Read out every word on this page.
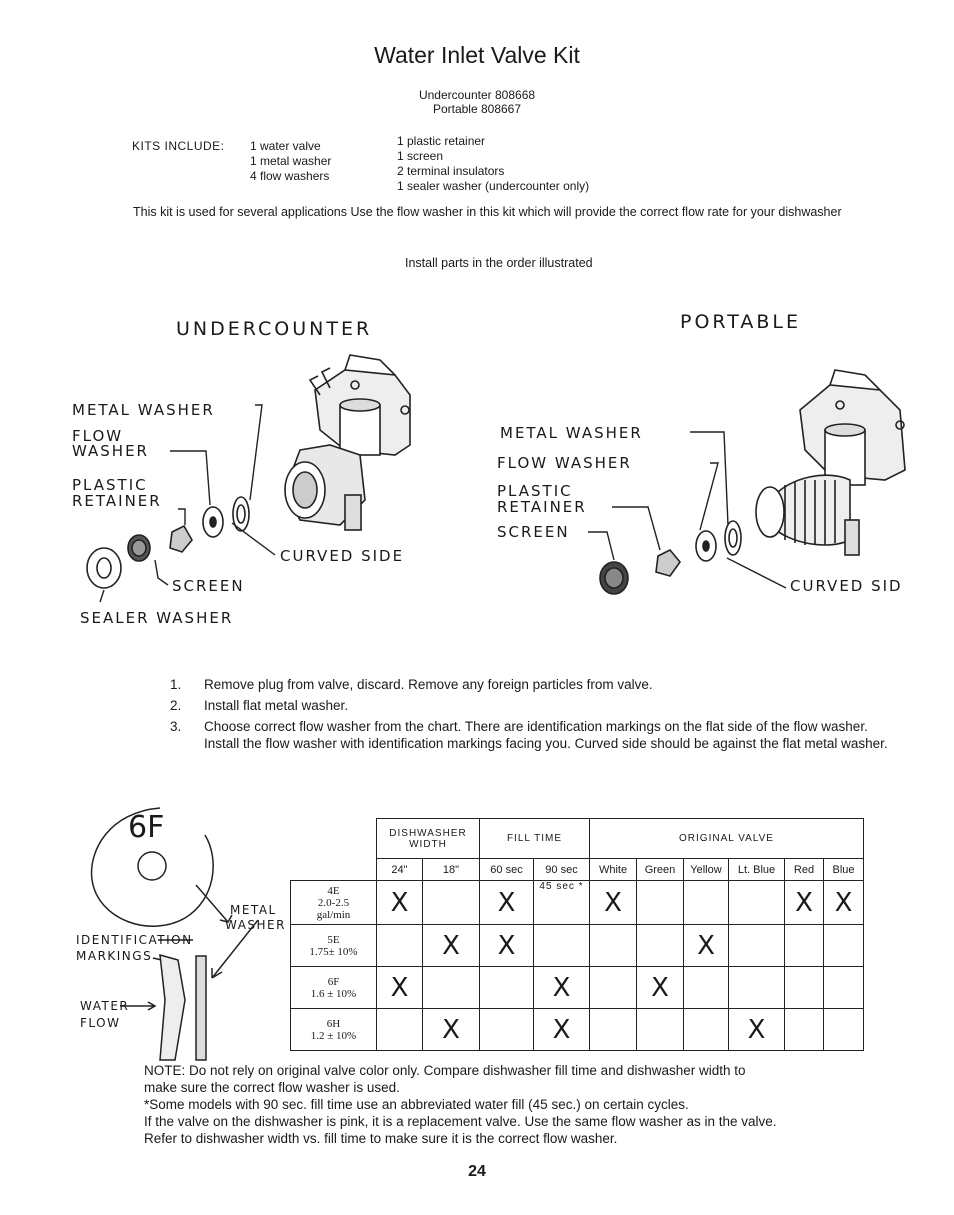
Water Inlet Valve Kit
Undercounter 808668
Portable 808667
KITS INCLUDE: 1 water valve
1 metal washer
4 flow washers
1 plastic retainer
1 screen
2 terminal insulators
1 sealer washer (undercounter only)
This kit is used for several applications Use the flow washer in this kit which will provide the correct flow rate for your dishwasher
Install parts in the order illustrated
UNDERCOUNTER	PORTABLE
METAL WASHER
FLOW
WASHER
PLASTIC
RETAINER
CURVED SIDE
SCREEN
SEALER WASHER
METAL WASHER
FLOW WASHER
PLASTIC
RETAINER
SCREEN
CURVED SID
1.	Remove plug from valve, discard. Remove any foreign particles from valve.
2.	Install flat metal washer.
3.	Choose correct flow washer from the chart. There are identification markings on the flat side of the flow washer. Install the flow washer with identification markings facing you. Curved side should be against the flat metal washer.
6F
METAL
WASHER
IDENTIFICATION
MARKINGS
WATER
FLOW
	DISHWASHER WIDTH		FILL TIME		ORIGINAL VALVE					
	24"	18"	60 sec	90 sec	White	Green	Yellow	Lt. Blue	Red	Blue

4E
2.0-2.5
gal/min	X		X	45 sec *	X				X	X

5E
1.75± 10%		X	X				X			

6F
1.6 ± 10%	X			X		X				

6H
1.2 ± 10%		X		X				X		
NOTE: Do not rely on original valve color only. Compare dishwasher fill time and dishwasher width to
make sure the correct flow washer is used.
*Some models with 90 sec. fill time use an abbreviated water fill (45 sec.) on certain cycles.
If the valve on the dishwasher is pink, it is a replacement valve. Use the same flow washer as in the valve.
Refer to dishwasher width vs. fill time to make sure it is the correct flow washer.
24
